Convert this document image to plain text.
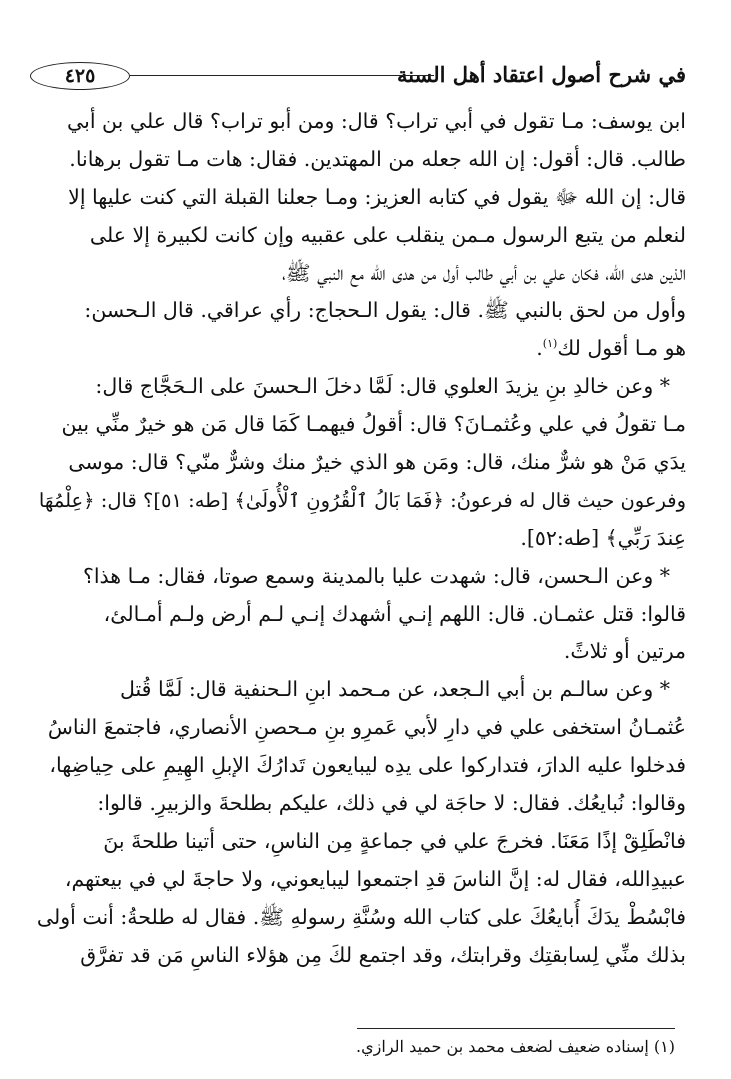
في شرح أصول اعتقاد أهل السنة
٤٢٥
ابن يوسف: مـا تقول في أبي تراب؟ قال: ومن أبو تراب؟ قال علي بن أبي
طالب. قال: أقول: إن الله جعله من المهتدين. فقال: هات مـا تقول برهانا.
قال: إن الله ﷻ يقول في كتابه العزيز: ومـا جعلنا القبلة التي كنت عليها إلا
لنعلم من يتبع الرسول مـمن ينقلب على عقبيه وإن كانت لكبيرة إلا على
الذين هدى الله، فكان علي بن أبي طالب أول من هدى الله مع النبي ﷺ،
وأول من لحق بالنبي ﷺ. قال: يقول الـحجاج: رأي عراقي. قال الـحسن:
هو مـا أقول لك$^{(١)}$.
* وعن خالدِ بنِ يزيدَ العلوي قال: لَمَّا دخلَ الـحسنَ على الـحَجَّاج قال:
مـا تقولُ في علي وعُثمـانَ؟ قال: أقولُ فيهمـا كَمَا قال مَن هو خيرٌ منِّي بين
يدَي مَنْ هو شرٌّ منك، قال: ومَن هو الذي خيرٌ منك وشرٌّ منّي؟ قال: موسى
وفرعون حيث قال له فرعونُ: ﴿فَمَا بَالُ ٱلْقُرُونِ ٱلْأُولَىٰ﴾ [طه: ٥١]؟ قال: ﴿عِلْمُهَا
عِندَ رَبِّي﴾ [طه:٥٢].
* وعن الـحسن، قال: شهدت عليا بالمدينة وسمع صوتا، فقال: مـا هذا؟
قالوا: قتل عثمـان. قال: اللهم إنـي أشهدك إنـي لـم أرض ولـم أمـالئ،
مرتين أو ثلاثً.
* وعن سالـم بن أبي الـجعد، عن مـحمد ابنِ الـحنفية قال: لَمَّا قُتل
عُثمـانُ استخفى علي في دارِ لأبي عَمرِو بنِ مـحصنِ الأنصاري، فاجتمعَ الناسُ
فدخلوا عليه الدارَ، فتداركوا على يدِه ليبايعون تَدارُكَ الإبلِ الهِيمِ على حِياضِها،
وقالوا: نُبايعُك. فقال: لا حاجَة لي في ذلك، عليكم بطلحةَ والزبيرِ. قالوا:
فانْطَلِقْ إذًا مَعَنَا. فخرجَ علي في جماعةٍ مِن الناسِ، حتى أتينا طلحةَ بنَ
عبيدِالله، فقال له: إنَّ الناسَ قدِ اجتمعوا ليبايعوني، ولا حاجةَ لي في بيعتهم،
فابْسُطْ يدَكَ أُبايعُكَ على كتاب الله وسُنَّةِ رسولهِ ﷺ. فقال له طلحةُ: أنت أولى
بذلك منِّي لِسابقتِك وقرابتك، وقد اجتمع لكَ مِن هؤلاء الناسِ مَن قد تفرَّق
(١) إسناده ضعيف لضعف محمد بن حميد الرازي.
